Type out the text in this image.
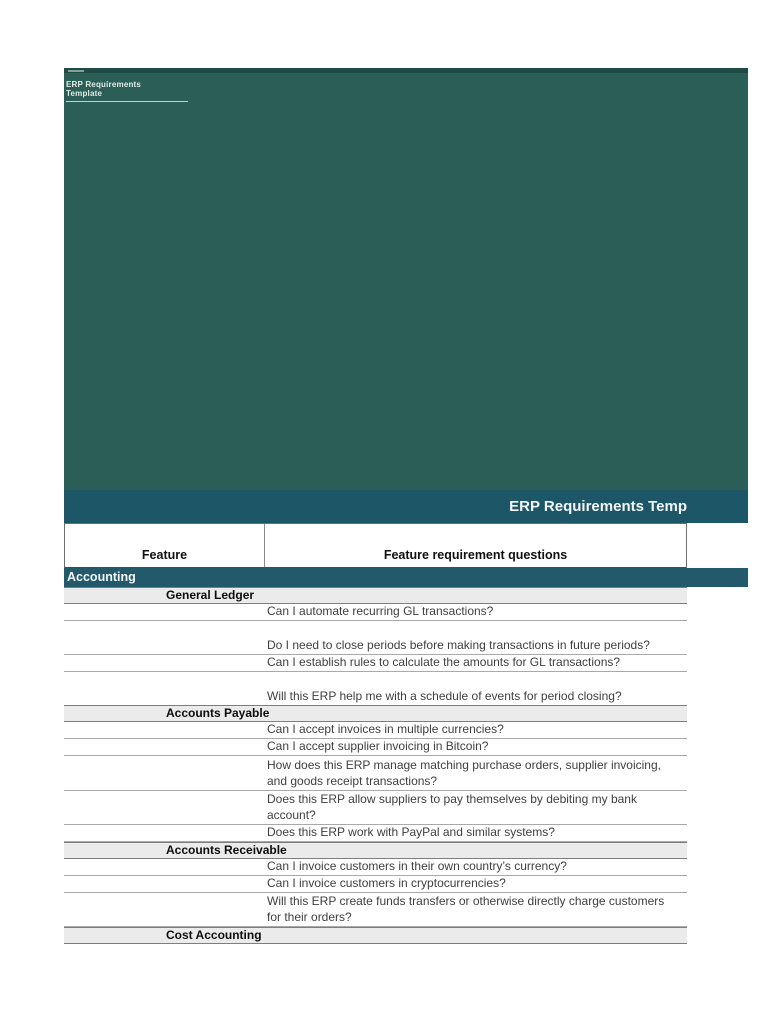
ERP Requirements
Template
ERP Requirements Temp
Feature	Feature requirement questions
Accounting
General Ledger
Can I automate recurring GL transactions?
Do I need to close periods before making transactions in future periods?
Can I establish rules to calculate the amounts for GL transactions?
Will this ERP help me with a schedule of events for period closing?
Accounts Payable
Can I accept invoices in multiple currencies?
Can I accept supplier invoicing in Bitcoin?
How does this ERP manage matching purchase orders, supplier invoicing, and goods receipt transactions?
Does this ERP allow suppliers to pay themselves by debiting my bank account?
Does this ERP work with PayPal and similar systems?
Accounts Receivable
Can I invoice customers in their own country’s currency?
Can I invoice customers in cryptocurrencies?
Will this ERP create funds transfers or otherwise directly charge customers for their orders?
Cost Accounting
